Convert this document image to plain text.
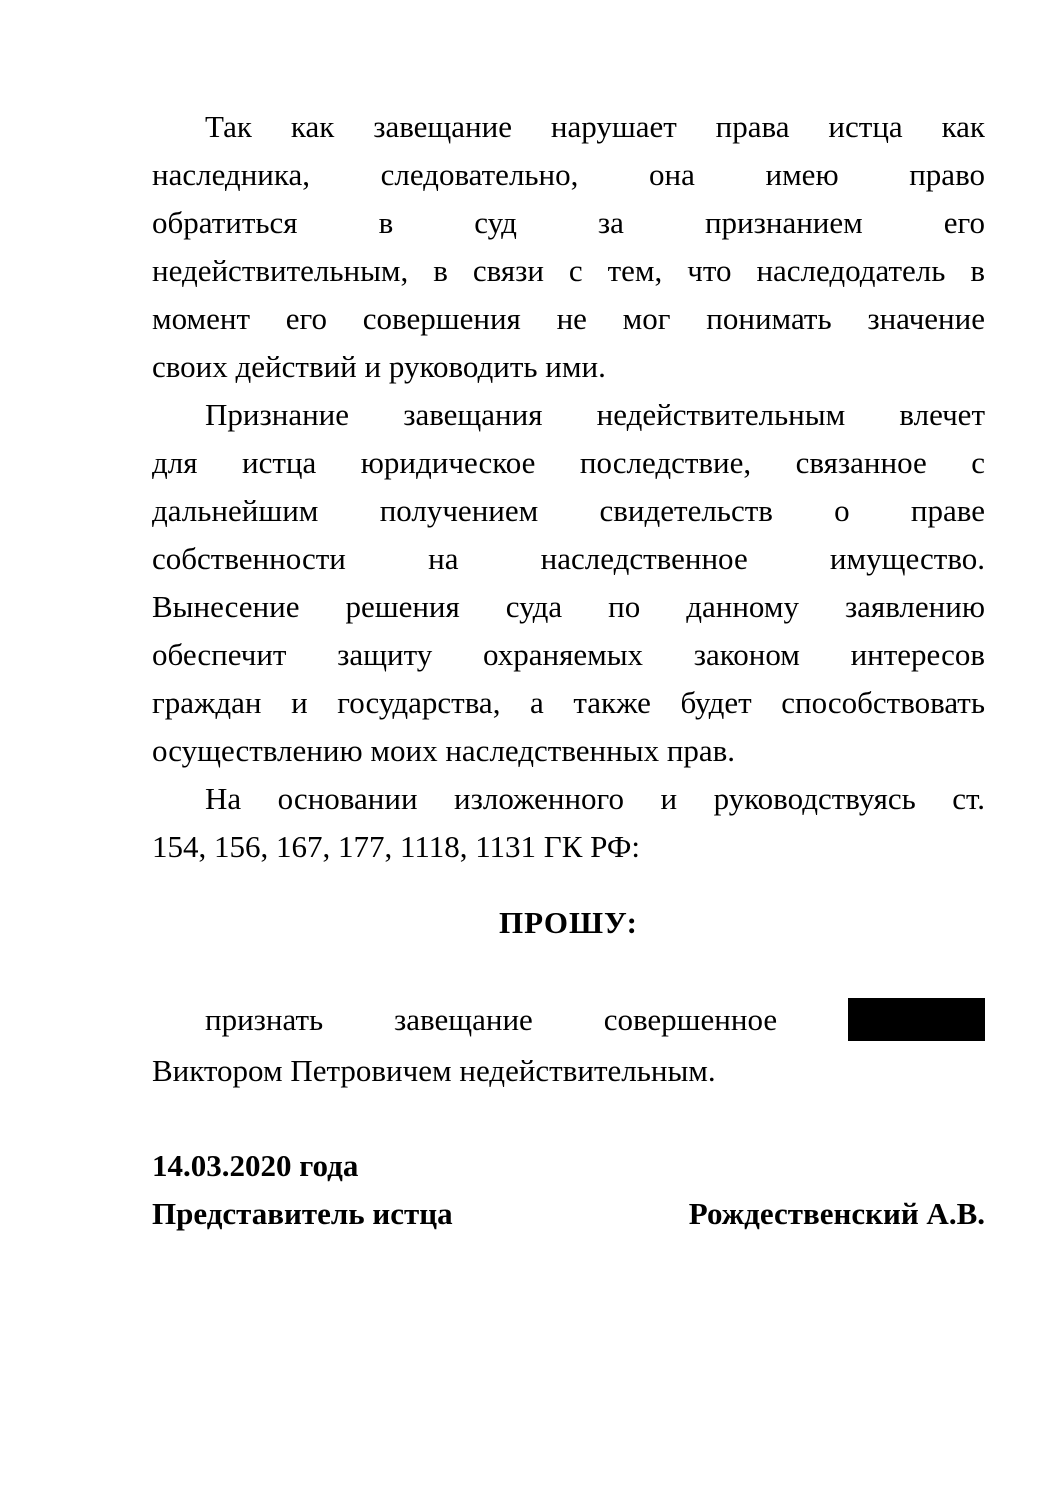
Так как завещание нарушает права истца как
наследника, следовательно, она имею право
обратиться в суд за признанием его
недействительным, в связи с тем, что наследодатель в
момент его совершения не мог понимать значение
своих действий и руководить ими.
Признание завещания недействительным влечет
для истца юридическое последствие, связанное с
дальнейшим получением свидетельств о праве
собственности на наследственное имущество.
Вынесение решения суда по данному заявлению
обеспечит защиту охраняемых законом интересов
граждан и государства, а также будет способствовать
осуществлению моих наследственных прав.
На основании изложенного и руководствуясь ст.
154, 156, 167, 177, 1118, 1131 ГК РФ:
ПРОШУ:
признать завещание совершенное
Виктором Петровичем недействительным.
14.03.2020 года
Представитель истца	Рождественский А.В.
